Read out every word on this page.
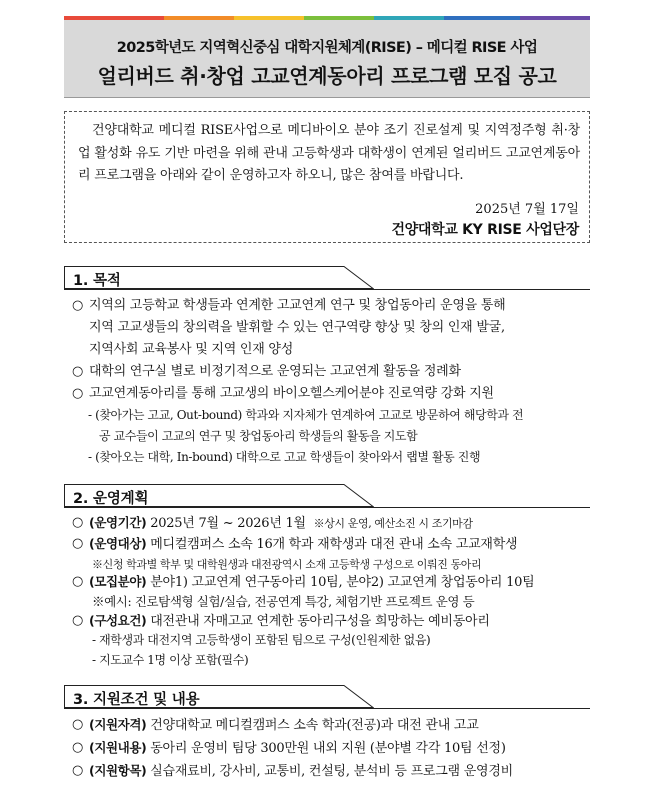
2025학년도 지역혁신중심 대학지원체계(RISE) – 메디컬 RISE 사업
얼리버드 취·창업 고교연계동아리 프로그램 모집 공고
건양대학교 메디컬 RISE사업으로 메디바이오 분야 조기 진로설계 및 지역정주형 취·창업 활성화 유도 기반 마련을 위해 관내 고등학생과 대학생이 연계된 얼리버드 고교연계동아리 프로그램을 아래와 같이 운영하고자 하오니, 많은 참여를 바랍니다.
2025년 7월 17일
건양대학교 KY RISE 사업단장
1. 목적
○ 지역의 고등학교 학생들과 연계한 고교연계 연구 및 창업동아리 운영을 통해
지역 고교생들의 창의력을 발휘할 수 있는 연구역량 향상 및 창의 인재 발굴,
지역사회 교육봉사 및 지역 인재 양성
○ 대학의 연구실 별로 비정기적으로 운영되는 고교연계 활동을 정례화
○ 고교연계동아리를 통해 고교생의 바이오헬스케어분야 진로역량 강화 지원
- (찾아가는 고교, Out-bound) 학과와 지자체가 연계하여 고교로 방문하여 해당학과 전
공 교수들이 고교의 연구 및 창업동아리 학생들의 활동을 지도함
- (찾아오는 대학, In-bound) 대학으로 고교 학생들이 찾아와서 랩별 활동 진행
2. 운영계획
○ (운영기간) 2025년 7월 ~ 2026년 1월 ※상시 운영, 예산소진 시 조기마감
○ (운영대상) 메디컬캠퍼스 소속 16개 학과 재학생과 대전 관내 소속 고교재학생
※신청 학과별 학부 및 대학원생과 대전광역시 소재 고등학생 구성으로 이뤄진 동아리
○ (모집분야) 분야1) 고교연계 연구동아리 10팀, 분야2) 고교연계 창업동아리 10팀
※예시: 진로탐색형 실험/실습, 전공연계 특강, 체험기반 프로젝트 운영 등
○ (구성요건) 대전관내 자매고교 연계한 동아리구성을 희망하는 예비동아리
- 재학생과 대전지역 고등학생이 포함된 팀으로 구성(인원제한 없음)
- 지도교수 1명 이상 포함(필수)
3. 지원조건 및 내용
○ (지원자격) 건양대학교 메디컬캠퍼스 소속 학과(전공)과 대전 관내 고교
○ (지원내용) 동아리 운영비 팀당 300만원 내외 지원 (분야별 각각 10팀 선정)
○ (지원항목) 실습재료비, 강사비, 교통비, 컨설팅, 분석비 등 프로그램 운영경비
